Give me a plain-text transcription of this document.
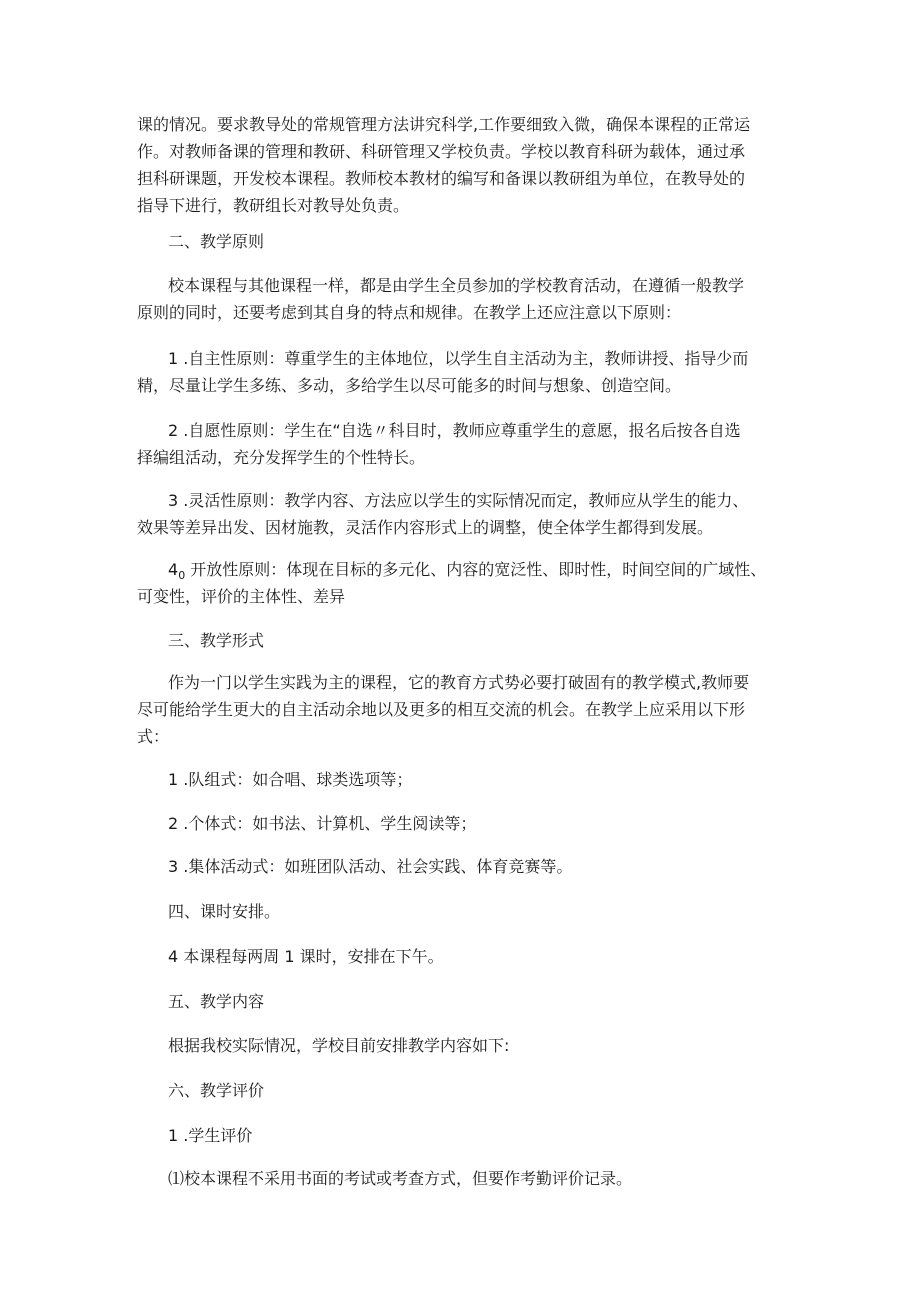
课的情况。要求教导处的常规管理方法讲究科学,工作要细致入微，确保本课程的正常运
作。对教师备课的管理和教研、科研管理又学校负责。学校以教育科研为载体，通过承
担科研课题，开发校本课程。教师校本教材的编写和备课以教研组为单位，在教导处的
指导下进行，教研组长对教导处负责。
二、教学原则
校本课程与其他课程一样，都是由学生全员参加的学校教育活动，在遵循一般教学
原则的同时，还要考虑到其自身的特点和规律。在教学上还应注意以下原则：
1 .自主性原则：尊重学生的主体地位，以学生自主活动为主，教师讲授、指导少而
精，尽量让学生多练、多动，多给学生以尽可能多的时间与想象、创造空间。
2 .自愿性原则：学生在“自选〃科目时，教师应尊重学生的意愿，报名后按各自选
择编组活动，充分发挥学生的个性特长。
3 .灵活性原则：教学内容、方法应以学生的实际情况而定，教师应从学生的能力、
效果等差异出发、因材施教，灵活作内容形式上的调整，使全体学生都得到发展。
$4_0$ 开放性原则：体现在目标的多元化、内容的宽泛性、即时性，时间空间的广域性、
可变性，评价的主体性、差异
三、教学形式
作为一门以学生实践为主的课程，它的教育方式势必要打破固有的教学模式,教师要
尽可能给学生更大的自主活动余地以及更多的相互交流的机会。在教学上应采用以下形
式：
1 .队组式：如合唱、球类选项等；
2 .个体式：如书法、计算机、学生阅读等；
3 .集体活动式：如班团队活动、社会实践、体育竞赛等。
四、课时安排。
4 本课程每两周 1 课时，安排在下午。
五、教学内容
根据我校实际情况，学校目前安排教学内容如下:
六、教学评价
1 .学生评价
⑴校本课程不采用书面的考试或考查方式，但要作考勤评价记录。
